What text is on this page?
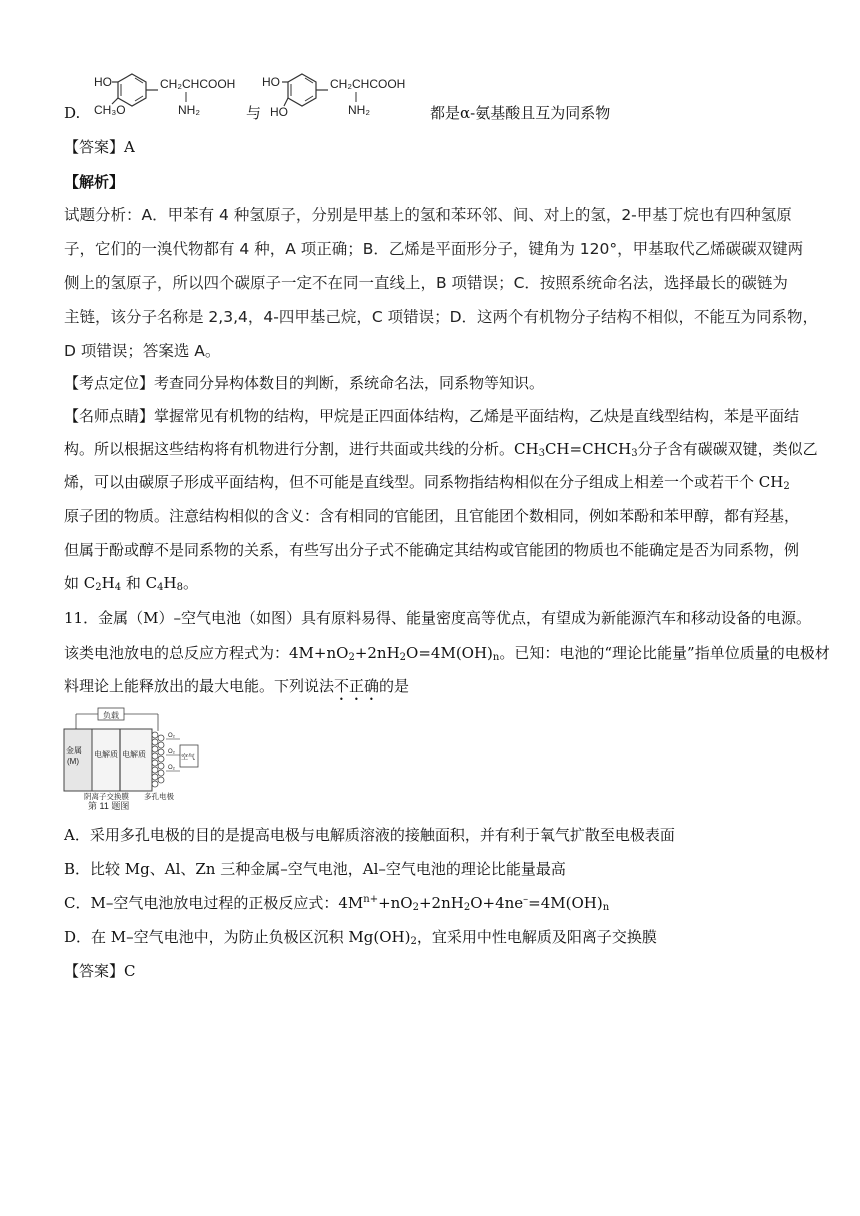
D.
HO
CH₃O
CH₂CHCOOH
NH₂	与
HO
HO
CH₂CHCOOH
NH₂	都是α-氨基酸且互为同系物
【答案】A
【解析】
试题分析：A．甲苯有 4 种氢原子，分别是甲基上的氢和苯环邻、间、对上的氢，2-甲基丁烷也有四种氢原
子，它们的一溴代物都有 4 种，A 项正确；B．乙烯是平面形分子，键角为 120°，甲基取代乙烯碳碳双键两
侧上的氢原子，所以四个碳原子一定不在同一直线上，B 项错误；C．按照系统命名法，选择最长的碳链为
主链，该分子名称是 2,3,4，4-四甲基己烷，C 项错误；D．这两个有机物分子结构不相似，不能互为同系物，
D 项错误；答案选 A。
【考点定位】考查同分异构体数目的判断，系统命名法，同系物等知识。
【名师点睛】掌握常见有机物的结构，甲烷是正四面体结构，乙烯是平面结构，乙炔是直线型结构，苯是平面结
构。所以根据这些结构将有机物进行分割，进行共面或共线的分析。$CH_3CH=CHCH_3$分子含有碳碳双键，类似乙
烯，可以由碳原子形成平面结构，但不可能是直线型。同系物指结构相似在分子组成上相差一个或若干个 $CH_2$
原子团的物质。注意结构相似的含义：含有相同的官能团，且官能团个数相同，例如苯酚和苯甲醇，都有羟基，
但属于酚或醇不是同系物的关系，有些写出分子式不能确定其结构或官能团的物质也不能确定是否为同系物，例
如 $C_2H_4$ 和 $C_4H_8$。
11．金属（M）–空气电池（如图）具有原料易得、能量密度高等优点，有望成为新能源汽车和移动设备的电源。
该类电池放电的总反应方程式为：$4M+nO_2+2nH_2O=4M(OH)_n$。已知：电池的“理论比能量”指单位质量的电极材
料理论上能释放出的最大电能。下列说法不正确的是
负载
金属
(M)
电解质 电解质
O₂
O₂
O₂
空气
阴离子交换膜 多孔电极
第 11 题图
A．采用多孔电极的目的是提高电极与电解质溶液的接触面积，并有利于氧气扩散至电极表面
B．比较 Mg、Al、Zn 三种金属–空气电池，Al–空气电池的理论比能量最高
C．M–空气电池放电过程的正极反应式：$4M^{n+}+nO_2+2nH_2O+4ne^-=4M(OH)_n$
D．在 M–空气电池中，为防止负极区沉积 $Mg(OH)_2$，宜采用中性电解质及阳离子交换膜
【答案】C
